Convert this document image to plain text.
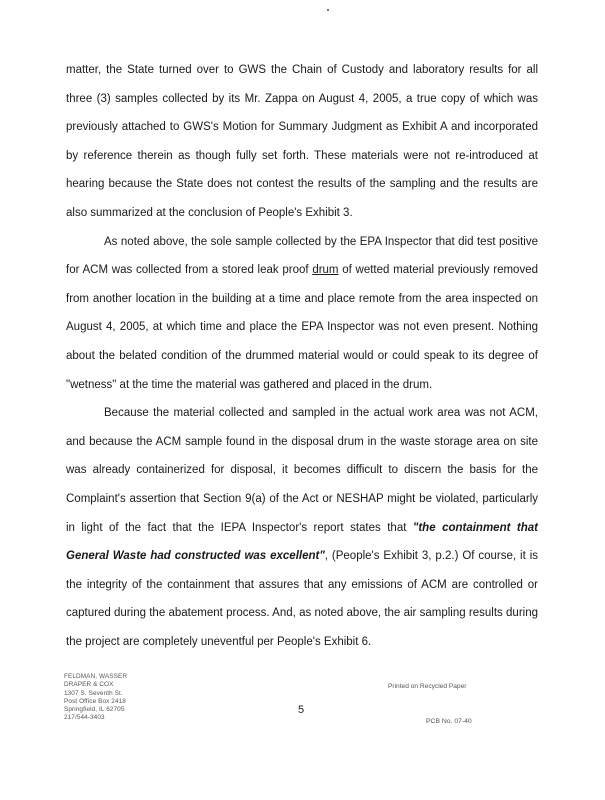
matter, the State turned over to GWS the Chain of Custody and laboratory results for all three (3) samples collected by its Mr. Zappa on August 4, 2005, a true copy of which was previously attached to GWS's Motion for Summary Judgment as Exhibit A and incorporated by reference therein as though fully set forth. These materials were not re-introduced at hearing because the State does not contest the results of the sampling and the results are also summarized at the conclusion of People's Exhibit 3.

As noted above, the sole sample collected by the EPA Inspector that did test positive for ACM was collected from a stored leak proof drum of wetted material previously removed from another location in the building at a time and place remote from the area inspected on August 4, 2005, at which time and place the EPA Inspector was not even present. Nothing about the belated condition of the drummed material would or could speak to its degree of "wetness" at the time the material was gathered and placed in the drum.

Because the material collected and sampled in the actual work area was not ACM, and because the ACM sample found in the disposal drum in the waste storage area on site was already containerized for disposal, it becomes difficult to discern the basis for the Complaint's assertion that Section 9(a) of the Act or NESHAP might be violated, particularly in light of the fact that the IEPA Inspector's report states that "the containment that General Waste had constructed was excellent", (People's Exhibit 3, p.2.) Of course, it is the integrity of the containment that assures that any emissions of ACM are controlled or captured during the abatement process. And, as noted above, the air sampling results during the project are completely uneventful per People's Exhibit 6.

FELDMAN, WASSER
DRAPER & COX
1307 S. Seventh St.
Post Office Box 2418
Springfield, IL 62705
217/544-3403
5
Printed on Recycled Paper
PCB No. 07-40
